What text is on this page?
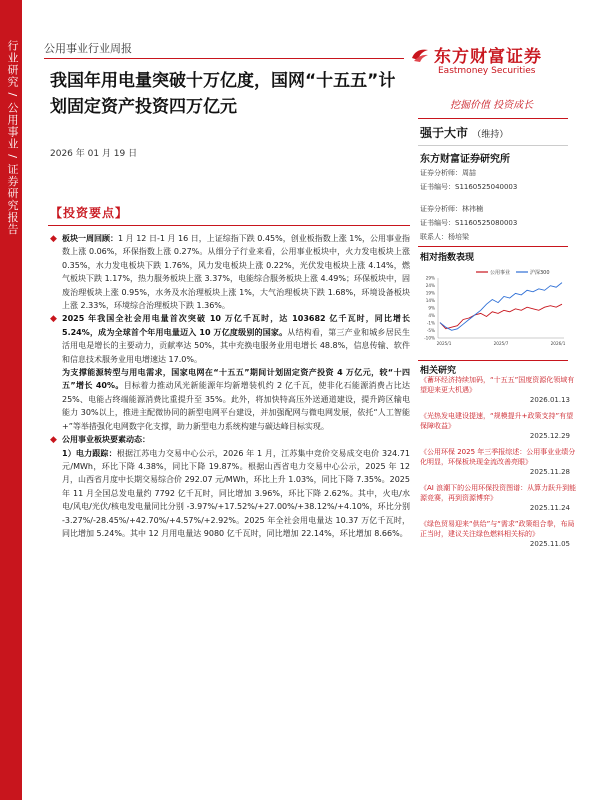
行业研究 / 公用事业 / 证券研究报告 公用事业行业周报	东方财富证券
Eastmoney Securities
挖掘价值 投资成长
我国年用电量突破十万亿度，国网“十五五”计划固定资产投资四万亿元
2026 年 01 月 19 日
强于大市 （维持）
东方财富证券研究所
证券分析师：周喆
证书编号：S1160525040003
证券分析师：林祎楠
证书编号：S1160525080003
联系人：杨培梁
相对指数表现
公用事业	沪深300
29%
24%
19%
14%
9%
4%
-1%
-5%
-10%
2025/1	2025/7	2026/1
相关研究
《蓄环经济持续加码，“十五五”国度资源化领域有望迎来更大机遇》
2026.01.13
《光热发电建设提速，“规模提升+政策支持”有望保障收益》
2025.12.29
《公用环保 2025 年三季报综述：公用事业业绩分化明显，环保板块现金流改善亮眼》
2025.11.28
《AI 浪潮下的公用环保投资图谱：从算力跃升到能源竞赛，再到资源博弈》
2025.11.24
《绿色贸易迎来“供给”与“需求”政策组合拳，布局正当时，建议关注绿色燃料相关标的》
2025.11.05
【投资要点】
◆ 板块一周回顾：1 月 12 日-1 月 16 日，上证综指下跌 0.45%，创业板指数上涨 1%，公用事业指数上涨 0.06%，环保指数上涨 0.27%。从细分子行业来看，公用事业板块中，火力发电板块上涨 0.35%，水力发电板块下跌 1.76%，风力发电板块上涨 0.22%，光伏发电板块上涨 4.14%，燃气板块下跌 1.17%，热力服务板块上涨 3.37%，电能综合服务板块上涨 4.49%；环保板块中，固废治理板块上涨 0.95%，水务及水治理板块上涨 1%，大气治理板块下跌 1.68%，环境设备板块上涨 2.33%，环境综合治理板块下跌 1.36%。
◆ 2025 年我国全社会用电量首次突破 10 万亿千瓦时，达 103682 亿千瓦时，同比增长 5.24%，成为全球首个年用电量迈入 10 万亿度级别的国家。从结构看，第三产业和城乡居民生活用电是增长的主要动力，贡献率达 50%，其中充换电服务业用电增长 48.8%，信息传输、软件和信息技术服务业用电增速达 17.0%。
为支撑能源转型与用电需求，国家电网在“十五五”期间计划固定资产投资 4 万亿元，较“十四五”增长 40%。目标着力推动风光新能源年均新增装机约 2 亿千瓦，使非化石能源消费占比达 25%、电能占终端能源消费比重提升至 35%。此外，将加快特高压外送通道建设，提升跨区输电能力 30%以上，推进主配微协同的新型电网平台建设，并加强配网与微电网发展，依托“人工智能+”等举措强化电网数字化支撑，助力新型电力系统构建与碳达峰目标实现。
◆ 公用事业板块要素动态：
1）电力跟踪：根据江苏电力交易中心公示，2026 年 1 月，江苏集中竞价交易成交电价 324.71 元/MWh，环比下降 4.38%，同比下降 19.87%。根据山西省电力交易中心公示，2025 年 12 月，山西省月度中长期交易综合价 292.07 元/MWh，环比上升 1.03%，同比下降 7.35%。2025 年 11 月全国总发电量约 7792 亿千瓦时，同比增加 3.96%，环比下降 2.62%。其中，火电/水电/风电/光伏/核电发电量同比分别 -3.97%/+17.52%/+27.00%/+38.12%/+4.10%，环比分别 -3.27%/-28.45%/+42.70%/+4.57%/+2.92%。2025 年全社会用电量达 10.37 万亿千瓦时，同比增加 5.24%。其中 12 月用电量达 9080 亿千瓦时，同比增加 22.14%，环比增加 8.66%。
